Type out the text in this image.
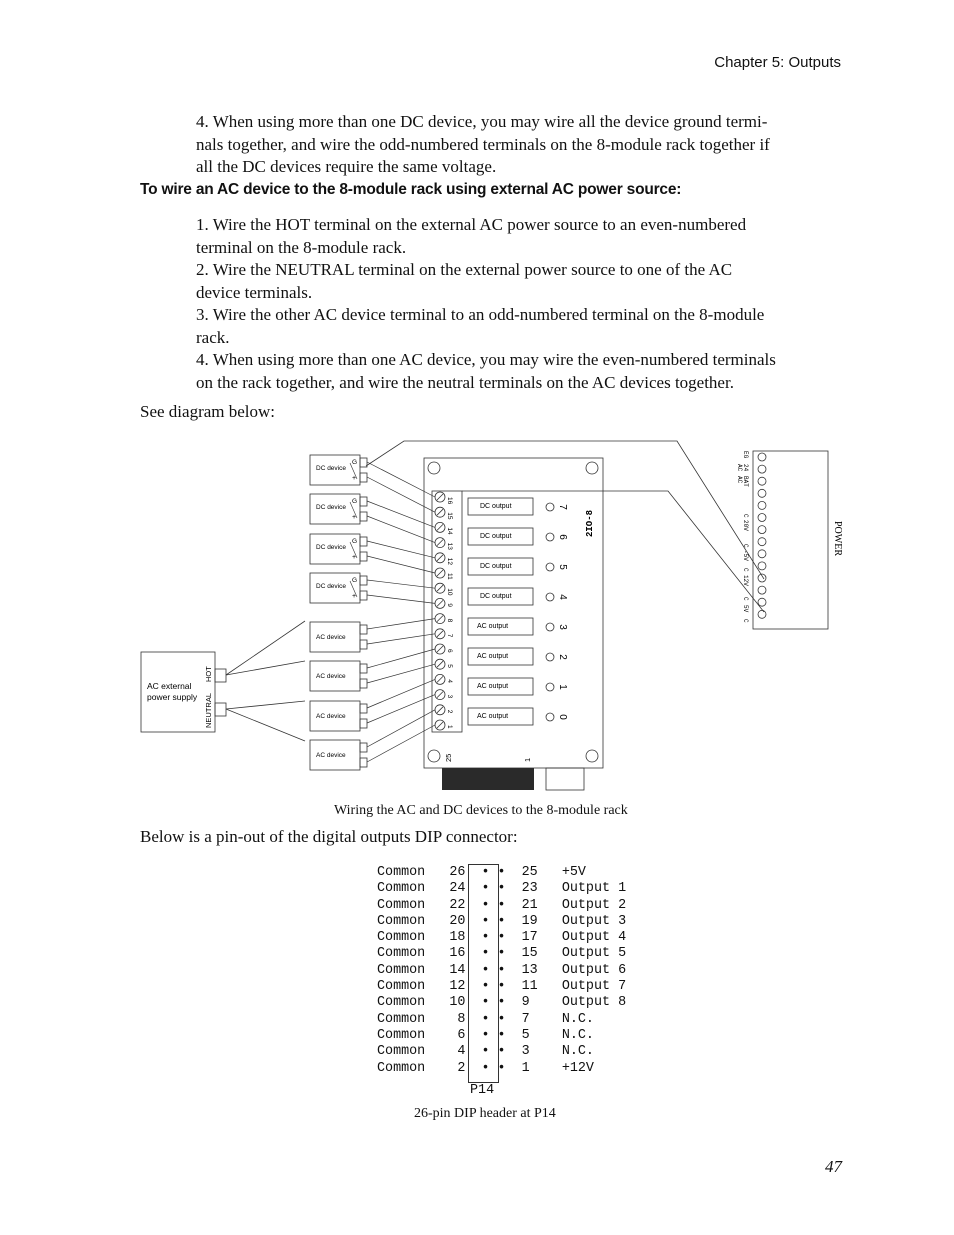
Chapter 5: Outputs
4. When using more than one DC device, you may wire all the device ground termi-
nals together, and wire the odd-numbered terminals on the 8-module rack together if
all the DC devices require the same voltage.
To wire an AC device to the 8-module rack using external AC power source:
1. Wire the HOT terminal on the external AC power source to an even-numbered
terminal on the 8-module rack.
2. Wire the NEUTRAL terminal on the external power source to one of the AC
device terminals.
3. Wire the other AC device terminal to an odd-numbered terminal on the 8-module
rack.
4. When using more than one AC device, you may wire the even-numbered terminals
on the rack together, and wire the neutral terminals on the AC devices together.
See diagram below:
DC device
G
+
DC device
G
+
DC device
G
+
DC device
G
+
AC device
AC device
AC device
AC device
16
15
14
13
12
11
10
9
8
7
6
5
4
3
2
1
DC output	7
DC output	6
DC output	5
DC output	4
AC output	3
AC output	2
AC output	1
AC output	0
EG
24
BAT
AC
AC
C
20V
C
-5V
C
12V
C
5V
C
AC external
power supply
HOT
NEUTRAL
2IO-8	POWER
25	1
Wiring the AC and DC devices to the 8-module rack
Below is a pin-out of the digital outputs DIP connector:
Common   26  • •  25   +5V
Common   24  • •  23   Output 1
Common   22  • •  21   Output 2
Common   20  • •  19   Output 3
Common   18  • •  17   Output 4
Common   16  • •  15   Output 5
Common   14  • •  13   Output 6
Common   12  • •  11   Output 7
Common   10  • •  9    Output 8
Common    8  • •  7    N.C.
Common    6  • •  5    N.C.
Common    4  • •  3    N.C.
Common    2  • •  1    +12V
P14
26-pin DIP header at P14
47
